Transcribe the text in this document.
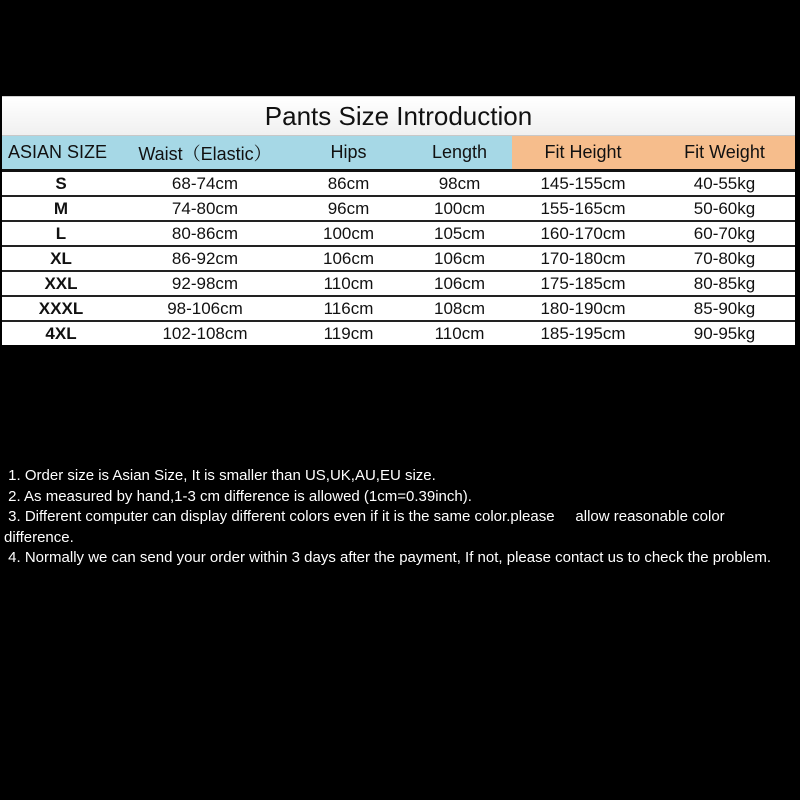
Pants Size Introduction
ASIAN SIZE	Waist（Elastic）	Hips	Length	Fit Height	Fit Weight
S	68-74cm	86cm	98cm	145-155cm	40-55kg
M	74-80cm	96cm	100cm	155-165cm	50-60kg
L	80-86cm	100cm	105cm	160-170cm	60-70kg
XL	86-92cm	106cm	106cm	170-180cm	70-80kg
XXL	92-98cm	110cm	106cm	175-185cm	80-85kg
XXXL	98-106cm	116cm	108cm	180-190cm	85-90kg
4XL	102-108cm	119cm	110cm	185-195cm	90-95kg

1. Order size is Asian Size, It is smaller than US,UK,AU,EU size.

2. As measured by hand,1-3 cm difference is allowed (1cm=0.39inch).

3. Different computer can display different colors even if it is the same color.please     allow reasonable color difference.

4. Normally we can send your order within 3 days after the payment, If not, please contact us to check the problem.
